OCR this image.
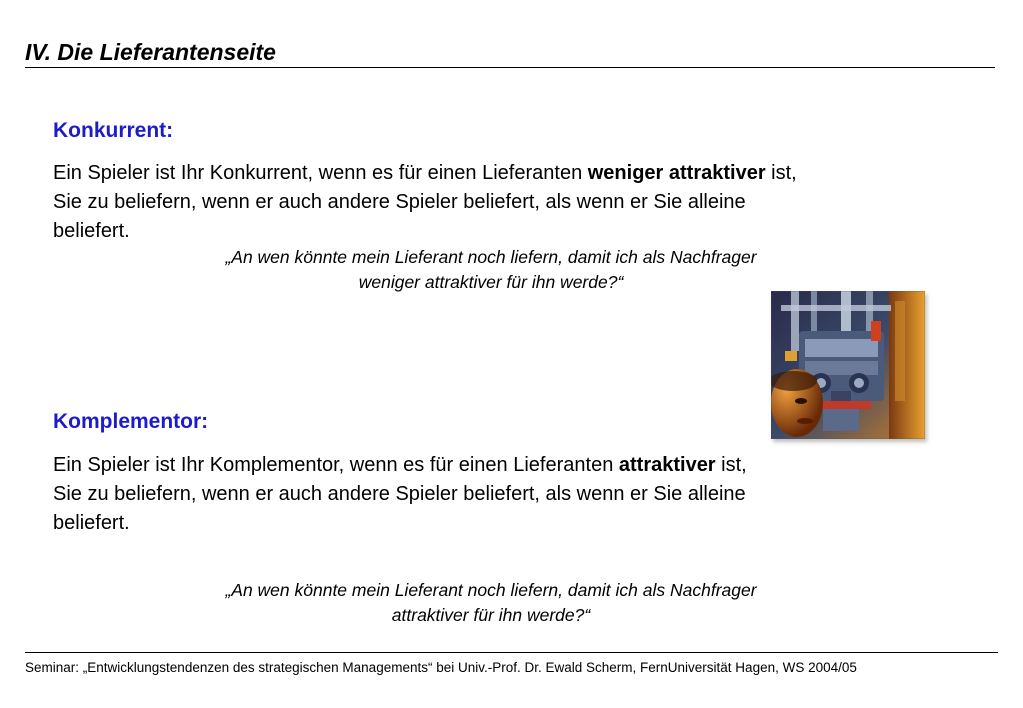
IV. Die Lieferantenseite
Konkurrent:
Ein Spieler ist Ihr Konkurrent, wenn es für einen Lieferanten weniger attraktiver ist,
Sie zu beliefern, wenn er auch andere Spieler beliefert, als wenn er Sie alleine
beliefert.
„An wen könnte mein Lieferant noch liefern, damit ich als Nachfrager
weniger attraktiver für ihn werde?“
Komplementor:
Ein Spieler ist Ihr Komplementor, wenn es für einen Lieferanten attraktiver ist,
Sie zu beliefern, wenn er auch andere Spieler beliefert, als wenn er Sie alleine
beliefert.
„An wen könnte mein Lieferant noch liefern, damit ich als Nachfrager
attraktiver für ihn werde?“
Seminar: „Entwicklungstendenzen des strategischen Managements“ bei Univ.-Prof. Dr. Ewald Scherm, FernUniversität Hagen, WS 2004/05
